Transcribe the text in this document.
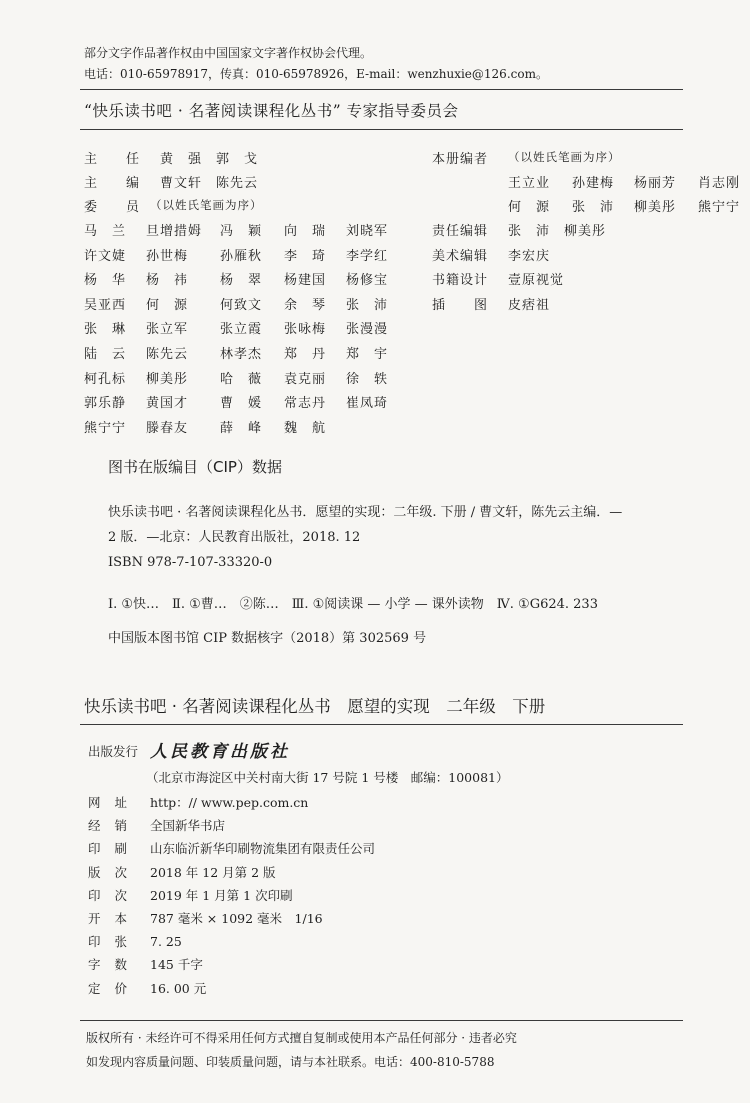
部分文字作品著作权由中国国家文字著作权协会代理。
电话：010-65978917，传真：010-65978926，E-mail：wenzhuxie@126.com。
“快乐读书吧 · 名著阅读课程化丛书” 专家指导委员会
主　　任 黄　强　郭　戈
主　　编 曹文轩　陈先云
委　　员 （以姓氏笔画为序）
马　兰 旦增措姆 冯　颖 向　瑞 刘晓军
许文婕 孙世梅 孙雁秋 李　琦 李学红
杨　华 杨　祎 杨　翠 杨建国 杨修宝
吴亚西 何　源 何致文 余　琴 张　沛
张　琳 张立军 张立霞 张咏梅 张漫漫
陆　云 陈先云 林孝杰 郑　丹 郑　宇
柯孔标 柳美彤 哈　薇 袁克丽 徐　轶
郭乐静 黄国才 曹　媛 常志丹 崔凤琦
熊宁宁 滕春友 薛　峰 魏　航
本册编者 （以姓氏笔画为序）
王立业 孙建梅 杨丽芳 肖志刚
何　源 张　沛 柳美彤 熊宁宁
责任编辑 张　沛　柳美彤
美术编辑 李宏庆
书籍设计 壹原视觉
插　　图 皮痞祖
图书在版编目（CIP）数据
快乐读书吧 · 名著阅读课程化丛书．愿望的实现：二年级. 下册 / 曹文轩，陈先云主编．—
2 版．—北京：人民教育出版社，2018. 12
ISBN 978-7-107-33320-0
Ⅰ. ①快…　Ⅱ. ①曹…　②陈…　Ⅲ. ①阅读课 — 小学 — 课外读物　Ⅳ. ①G624. 233
中国版本图书馆 CIP 数据核字（2018）第 302569 号
快乐读书吧 · 名著阅读课程化丛书　愿望的实现　二年级　下册
出版发行 人民教育出版社
（北京市海淀区中关村南大街 17 号院 1 号楼　邮编：100081）
网址 http：// www.pep.com.cn
经销 全国新华书店
印刷 山东临沂新华印刷物流集团有限责任公司
版次 2018 年 12 月第 2 版
印次 2019 年 1 月第 1 次印刷
开本 787 毫米 × 1092 毫米　1/16
印张 7. 25
字数 145 千字
定价 16. 00 元
版权所有 · 未经许可不得采用任何方式擅自复制或使用本产品任何部分 · 违者必究
如发现内容质量问题、印装质量问题，请与本社联系。电话：400-810-5788
